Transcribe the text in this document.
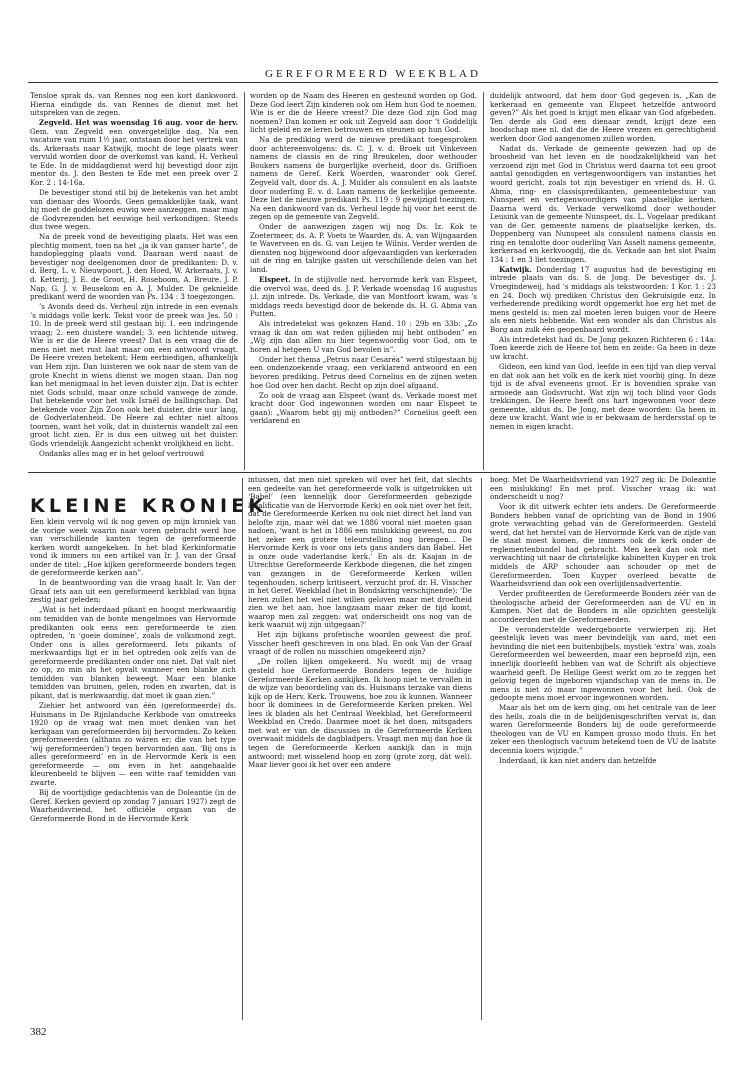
GEREFORMEERD WEEKBLAD

Tensloe sprak ds. van Rennes nog een kort dankwoord. Hierna eindigde ds. van Rennes de dienst met het uitspreken van de zegen.

Zegveld. Het was woensdag 16 aug. voor de herv. Gem. van Zegveld een onvergetelijke dag. Na een vacature van ruim 1½ jaar, ontstaan door het vertrek van ds. Arkeraats naar Katwijk, mocht de lege plaats weer vervuld worden door de overkomst van kand. H. Verheul te Ede. In de middagdienst werd hij bevestigd door zijn mentor ds. J. den Besten te Ede met een preek over 2 Kor. 2 : 14-16a.

De bevestiger stond stil bij de betekenis van het ambt van dienaar des Woords. Geen gemakkelijke taak, want hij moet de goddelozen euwig wee aanzeggen, maar mag de Godvrezenden het eeuwige heil verkondigen. Steeds dus twee wegen.

Na de preek vond de bevestiging plaats. Het was een plechtig moment, toen na het „ja ik van ganser harte”, de handoplegging plaats vond. Daaraan werd naast de bevestiger nog deelgenomen door de predikanten: D. v. d. Berg, L. v. Nieuwpoort, J. den Hoed, W. Arkeraats, J. v. d. Ketterij, J. E. de Groot, H. Roseboom, A. Breure, J. P. Nap, G. J. v. Beusekom en A. J. Mulder. De geknielde predikant werd de woorden van Ps. 134 : 3 toegezongen.

’s Avonds deed ds. Verheul zijn intrede in een evenals ’s middags volle kerk. Tekst voor de preek was Jes. 50 : 10. In de preek werd stil gestaan bij: 1. een indringende vraag; 2. een duistere wandel; 3. een lichtende uitweg. Wie is er die de Heere vreest? Dat is een vraag die de mens niet met rust laat maar om een antwoord vraagt. De Heere vrezen betekent: Hem eerbiedigen, afhankelijk van Hem zijn. Dan luisteren we ook naar de stem van de grote Knecht in wiens dienst we mogen staan. Dan nog kan het menigmaal in het leven duister zijn. Dat is echter niet Gods schuld, maar onze schuld vanwege de zonde. Dat betekende voor het volk Israël de ballingschap. Dat betekende voor Zijn Zoon ook het duister, drie uur lang, de Godverlatenheid. De Heere zal echter niet altoos toornen, want het volk, dat in duisternis wandelt zal een groot licht zien. Er is dus een uitweg uit het duister: Gods vriendelijk Aangezicht schenkt vrolijkheid en licht.

Ondanks alles mag er in het geloof vertrouwd

worden op de Naam des Heeren en gesteund worden op God. Deze God leert Zijn kinderen ook om Hem hun God te noemen. Wie is er die de Heere vreest? Die deze God zijn God mag noemen? Dan komen er ook uit Zegveld aan door ’t Goddelijk licht geleid en ze leren betrouwen en steunen op hun God.

Na de prediking werd de nieuwe predikant toegesproken door achtereenvolgens: ds. C. J. v. d. Broek uit Vinkeveen namens de classis en de ring Breukelen, door wethouder Boukers namens de burgerlijke overheid, door ds. Griffioen namens de Geref. Kerk Woerden, waaronder ook Geref. Zegveld valt, door ds. A. J. Mulder als consulent en als laatste door ouderling E. v. d. Laan namens de kerkelijke gemeente. Deze liet de nieuwe predikant Ps. 119 : 9 gewijzigd toezingen. Na een dankwoord van ds. Verheul legde hij voor het eerst de zegen op de gemeente van Zegveld.

Onder de aanwezigen zagen wij nog Ds. Iz. Kok te Zoetermeer, ds. A. P. Voets te Waarder, ds. A. van Wijngaarden te Waverveen en ds. G. van Leijen te Wilnis. Verder werden de diensten nog bijgewoond door afgevaardigden van kerkeraden uit de ring en talrijke gasten uit verschillende delen van het land.

Elspeet. In de stijlvolle ned. hervormde kerk van Elspeet, die overvol was, deed ds. J. P. Verkade woensdag 16 augustus j.l. zijn intrede. Ds. Verkade, die van Montfoort kwam, was ’s middags reeds bevestigd door de bekende ds. H. G. Abma van Putten.

Als intredetekst was gekozen Hand. 10 : 29b en 33b: „Zo vraag ik dan om wat reden gijlieden mij hebt ontboden” en „Wij zijn dan allen nu hier tegenwoordig voor God, om te horen al hetgeen U van God bevolen is”.

Onder het thema „Petrus naar Cesaréa” werd stilgestaan bij een ondenzoekende vraag, een verklarend antwoord en een bevoren prediking. Petrus deed Cornelius en de zijnen weten hoe God over hen dacht. Recht op zijn doel afgaand.

Zo ook de vraag aan Elspeet (want ds. Verkade moest met kracht door God ingewonnen worden om naar Elspeet te gaan): „Waarom hebt gij mij ontboden?” Cornelius geeft een verklarend en

duidelijk antwoord, dat hem door God gegeven is. „Kan de kerkeraad en gemeente van Elspeet hetzelfde antwoord geven?” Als het goed is krijgt men elkaar van God afgebeden. Ten derde als God een dienaar zendt, krijgt deze een boodschap mee nl. dat die de Heere vrezen en gerechtigheid werken door God aangenomen zullen worden.

Nadat ds. Verkade de gemeente gewezen had op de broosheid van het leven en de noodzakelijkheid van het verzoend zijn met God in Christus werd daarna tot een groot aantal genodigden en vertegenwoordigers van instanties het woord gericht, zoals tot zijn bevestiger en vriend ds. H. G. Abma, ring- en classispredikanten, gemeentebestuur van Nunspeet en vertegenwoordigers van plaatselijke kerken. Daarna werd ds. Verkade verwelkomd door wethouder Leusink van de gemeente Nunspeet, ds. L. Vogelaar predikant van de Ger. gemeente namens de plaatselijke kerken, ds. Doppenberg van Nunspeet als consulent namens classis en ring en tenslotte door ouderling Van Asselt namens gemeente, kerkeraad en kerkvoogdij, die ds. Verkade aan het slot Psalm 134 : 1 en 3 liet toezingen.

Katwijk. Donderdag 17 augustus had de bevestiging en intrede plaats van ds. S. de Jong. De bevestiger ds. J. Vroegindeweij, had ’s middags als tekstwoorden: 1 Kor. 1 : 23 en 24. Doch wij prediken Christus den Gekruisigde enz. In verhederende prediking wordt opgemerkt hoe erg het met de mens gesteld is: men zal moeten leren buigen voor de Heere als een niets hebbende. Wat een wonder als dan Christus als Borg aan zulk één geopenbaard wordt.

Als intredetekst had ds. De Jong gekozen Richteren 6 : 14a: Toen keerde zich de Heere tot hem en zeide: Ga heen in deze uw kracht.

Gideon, een kind van God, leefde in een tijd van diep verval en dat ook aan het volk en de kerk niet voorbij ging. In deze tijd is de afval eveneens groot. Er is bovendien sprake van armoede aan Godsvrucht. Wat zijn wij toch blind voor Gods trekkingen. De Heere heeft ons hart ingewonnen voor deze gemeente, aldus ds. De Jong, met deze woorden: Ga heen in deze uw kracht. Want wie is er bekwaam de herdersstaf op te nemen in eigen kracht.

KLEINE KRONIEK

Een klein vervolg wil ik nog geven op mijn kroniek van de vorige week waarin naar voren gebracht werd hoe van verschillende kanten tegen de gereformeerde kerken wordt aangekeken. In het blad Kerkinformatie vond ik immers nu een artikel van Ir. J. van der Graaf onder de titel: „Hoe kijken gereformeerde bonders tegen de gereformeerde kerken aan”.

In de beantwoording van die vraag haalt Ir. Van der Graaf iets aan uit een gereformeerd kerkblad van bijna zestig jaar geleden:

„Wat is het inderdaad pikant en hoogst merkwaardig om temidden van de bonte mengelmoes van Hervormde predikanten ook eens een gereformeerde te zien optreden, ’n ‘goeie dominee’, zoals de volksmond zegt. Onder ons is alles gereformeerd. Iets pikants of merkwaardigs ligt er in het optreden ook zelfs van de gereformeerde predikanten onder ons niet. Dat valt niet zo op, zo min als het opvalt wanneer een blanke zich temidden van blanken beweegt. Maar een blanke temidden van bruinen, gelen, roden en zwarten, dat is pikant, dat is merkwaardig, dat moet ik gaan zien.”

Ziehier het antwoord van één (gereformeerde) ds. Huismans in De Rijnlandsche Kerkbode van omstreeks 1920 op de vraag wat men moet denken van het kerkgaan van gereformeerden bij hervormden. Zo keken gereformeerden (althans zo wáren er; die van het type ‘wij gereformeerden’) tegen hervormden aan. ‘Bij ons is alles gereformeerd’ en in de Hervormde Kerk is een gereformeerde — om even in het aangehaalde kleurenbeeld te blijven — een witte raaf temidden van zwarte.

Bij de voortijdige gedachtenis van de Doleantie (in de Geref. Kerken gevierd op zondag 7 januari 1927) zegt de Waarheidsvriend, het officiële orgaan van de Gereformeerde Bond in de Hervormde Kerk

intussen, dat men niet spreken wil over het feit, dat slechts een gedeelte van het gereformeerde volk is uitgetrokken uit ‘Babel’ (een kennelijk door Gereformeerden gebezigde kwalificatie van de Hervormde Kerk) en ook niet over het feit, dat de Gereformeerde Kerken nu ook niet direct het land van belofte zijn, maar wèl dat we 1886 vooral niet moeten gaan nadoen, ‘want is het in 1886 een mislukking geweest, nu zou het zeker een grotere teleurstelling nog brengen… De Hervormde Kerk is voor ons iets gans anders dan Babel. Het is onze oude vaderlandse kerk.’ En als dr. Kaajan in de Utrechtse Gereformeerde Kerkbode diegenen, die het zingen van gezangen in de Gereformeerde Kerken willen tegenhouden, scherp kritiseert, verzucht prof. dr. H. Visscher in het Geref. Weekblad (het in Bondskring verschijnende): ‘De heren zullen het wel niet willen geloven maar met droefheid zien we het aan, hoe langzaam maar zeker de tijd komt, waarop men zal zeggen: wat onderscheidt ons nog van de kerk waaruit wij zijn uitgegaan?’

Het zijn bijkans profetische woorden geweest die prof. Visscher heeft geschreven in ons blad. En ook Van der Graaf vraagt of de rollen nu misschien omgekeerd zijn?

„De rollen lijken omgekeerd. Nu wordt mij de vraag gesteld hoe Gereformeerde Bonders tegen de huidige Gereformeerde Kerken aankijken. Ik hoop niet te vervallen in de wijze van beoordeling van ds. Huismans terzake van diens kijk op de Herv. Kerk. Trouwens, hoe zou ik kunnen. Wanneer hoor ik dominees in de Gereformeerde Kerken preken. Wel lees ik bladen als het Centraal Weekblad, het Gereformeerd Weekblad en Credo. Daarmee moet ik het doen, mitsgaders met wat er van de discussies in de Gereformeerde Kerken overwaait middels de dagbladpers. Vraagt men mij dan hoe ik tegen de Gereformeerde Kerken aankijk dan is mijn antwoord: met wisselend hoop en zorg (grote zorg, dàt wel). Maar liever gooi ik het over een andere

boeg. Met De Waarheidsvriend van 1927 zeg ik: De Doleantie een mislukking! En met prof. Visscher vraag ik: wat onderscheidt u nog?

Voor ik dit uitwerk echter iets anders. De Gereformeerde Bonders hebben vanaf de oprichting van de Bond in 1906 grote verwachting gehad van de Gereformeerden. Gesteld werd, dat het herstel van de Hervormde Kerk van de zijde van de staat moest komen, die immers ook de kerk onder de reglementenbundel had gebracht. Men keek dan ook met verwachting uit naar de christelijke kabinetten Kuyper en trok middels de ARP schouder aan schouder op met de Gereformeerden. Toen Kuyper overleed bevatte de Waarheidsvriend dan ook een overlijdensadvertentie.

Verder profiteerden de Gereformeerde Bonders zéér van de theologische arbeid der Gereformeerden aan de VU en in Kampen. Niet dat de Bonders in alle opzichten geestelijk accordeerden met de Gereformeerden.

De veronderstelde wedergeboorte verwierpen zij. Het geestelijk leven was meer bevindelijk van aard, met een bevinding die niet een buitenbijbels, mystiek ‘extra’ was, zoals Gereformeerden wel beweerden, maar een beproefd zijn, een innerlijk doorleefd hebben van wat de Schrift als objectieve waarheid geeft. De Heilige Geest werkt om zo te zeggen het gelovig tegen de ingeboren vijandschap van de mens in. De mens is niet zó maar ingewonnen voor het heil. Ook de gedoopte mens moet ervoor ingewonnen worden.

Maar als het om de kern ging, om het centrale van de leer des heils, zoals die in de belijdenisgeschriften vervat is, dan waren Gereformeerde Bonders bij de oude gereformeerde theologen van de VU en Kampen grosso modo thuis. En het zeker een theologisch vacuum betekend toen de VU de laatste decennia koers wijzigde.”

Inderdaad, ik kan niet anders dan hetzelfde

382
